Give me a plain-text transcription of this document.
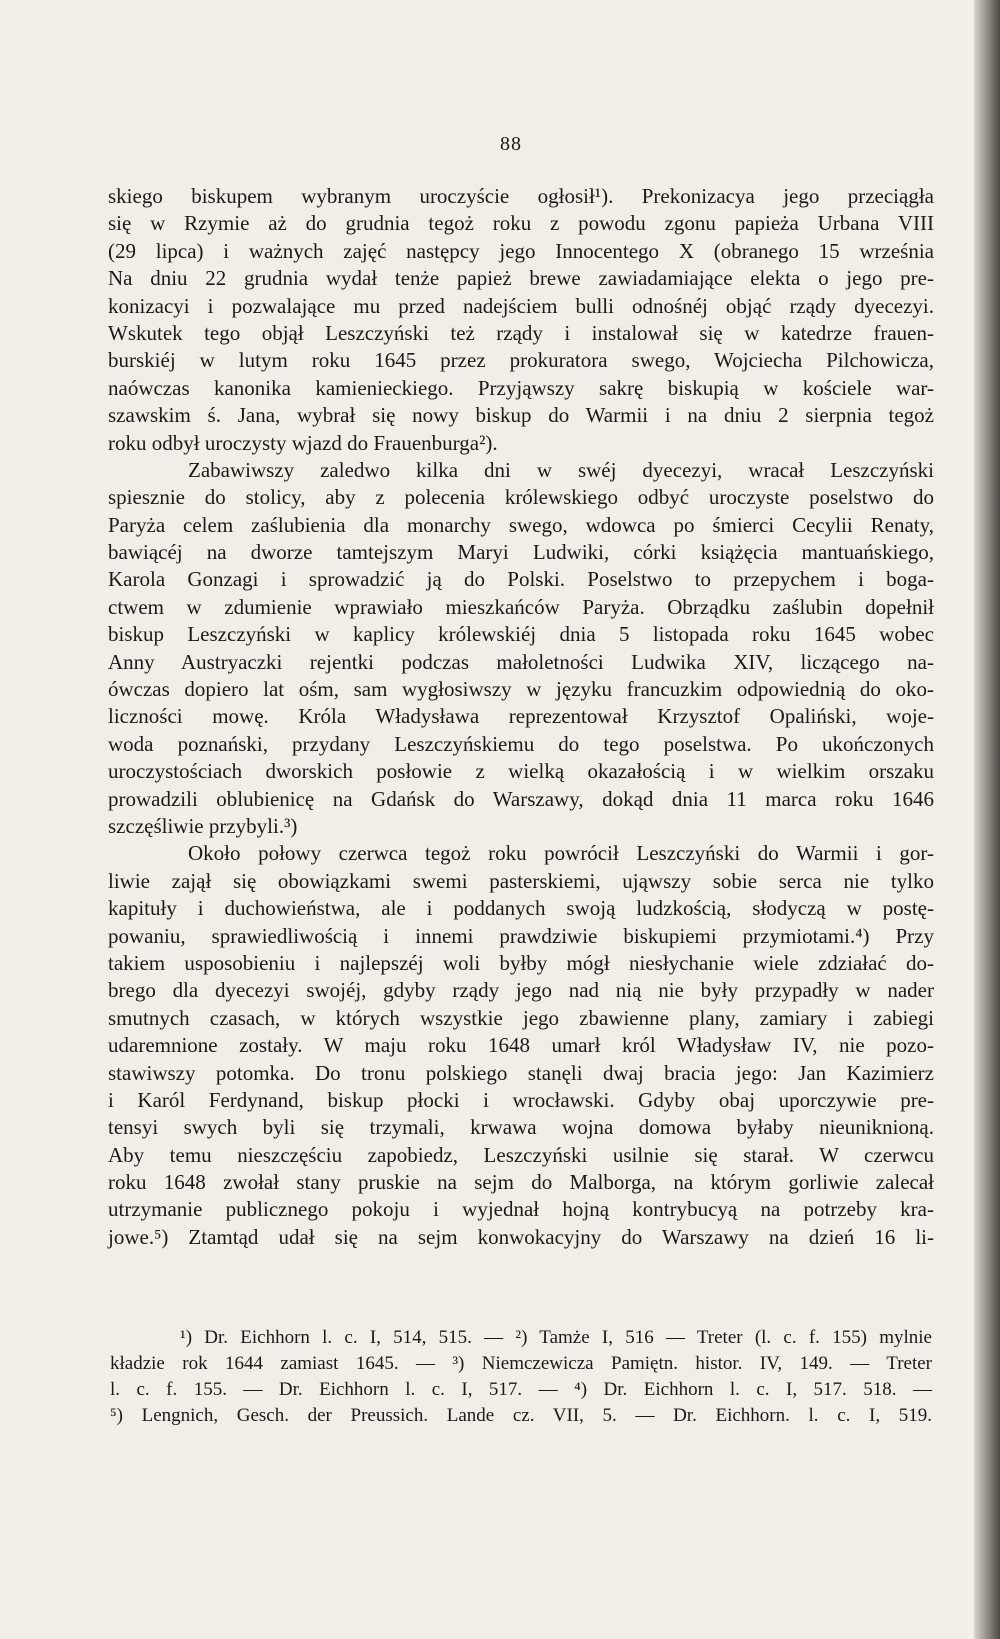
88
skiego biskupem wybranym uroczyście ogłosił¹). Prekonizacya jego przeciągła
się w Rzymie aż do grudnia tegoż roku z powodu zgonu papieża Urbana VIII
(29 lipca) i ważnych zajęć następcy jego Innocentego X (obranego 15 września
Na dniu 22 grudnia wydał tenże papież brewe zawiadamiające elekta o jego pre-
konizacyi i pozwalające mu przed nadejściem bulli odnośnéj objąć rządy dyecezyi.
Wskutek tego objął Leszczyński też rządy i instalował się w katedrze frauen-
burskiéj w lutym roku 1645 przez prokuratora swego, Wojciecha Pilchowicza,
naówczas kanonika kamienieckiego. Przyjąwszy sakrę biskupią w kościele war-
szawskim ś. Jana, wybrał się nowy biskup do Warmii i na dniu 2 sierpnia tegoż
roku odbył uroczysty wjazd do Frauenburga²).
Zabawiwszy zaledwo kilka dni w swéj dyecezyi, wracał Leszczyński
spiesznie do stolicy, aby z polecenia królewskiego odbyć uroczyste poselstwo do
Paryża celem zaślubienia dla monarchy swego, wdowca po śmierci Cecylii Renaty,
bawiącéj na dworze tamtejszym Maryi Ludwiki, córki książęcia mantuańskiego,
Karola Gonzagi i sprowadzić ją do Polski. Poselstwo to przepychem i boga-
ctwem w zdumienie wprawiało mieszkańców Paryża. Obrządku zaślubin dopełnił
biskup Leszczyński w kaplicy królewskiéj dnia 5 listopada roku 1645 wobec
Anny Austryaczki rejentki podczas małoletności Ludwika XIV, liczącego na-
ówczas dopiero lat ośm, sam wygłosiwszy w języku francuzkim odpowiednią do oko-
liczności mowę. Króla Władysława reprezentował Krzysztof Opaliński, woje-
woda poznański, przydany Leszczyńskiemu do tego poselstwa. Po ukończonych
uroczystościach dworskich posłowie z wielką okazałością i w wielkim orszaku
prowadzili oblubienicę na Gdańsk do Warszawy, dokąd dnia 11 marca roku 1646
szczęśliwie przybyli.³)
Około połowy czerwca tegoż roku powrócił Leszczyński do Warmii i gor-
liwie zajął się obowiązkami swemi pasterskiemi, ująwszy sobie serca nie tylko
kapituły i duchowieństwa, ale i poddanych swoją ludzkością, słodyczą w postę-
powaniu, sprawiedliwością i innemi prawdziwie biskupiemi przymiotami.⁴) Przy
takiem usposobieniu i najlepszéj woli byłby mógł niesłychanie wiele zdziałać do-
brego dla dyecezyi swojéj, gdyby rządy jego nad nią nie były przypadły w nader
smutnych czasach, w których wszystkie jego zbawienne plany, zamiary i zabiegi
udaremnione zostały. W maju roku 1648 umarł król Władysław IV, nie pozo-
stawiwszy potomka. Do tronu polskiego stanęli dwaj bracia jego: Jan Kazimierz
i Karól Ferdynand, biskup płocki i wrocławski. Gdyby obaj uporczywie pre-
tensyi swych byli się trzymali, krwawa wojna domowa byłaby nieuniknioną.
Aby temu nieszczęściu zapobiedz, Leszczyński usilnie się starał. W czerwcu
roku 1648 zwołał stany pruskie na sejm do Malborga, na którym gorliwie zalecał
utrzymanie publicznego pokoju i wyjednał hojną kontrybucyą na potrzeby kra-
jowe.⁵) Ztamtąd udał się na sejm konwokacyjny do Warszawy na dzień 16 li-
¹) Dr. Eichhorn l. c. I, 514, 515. — ²) Tamże I, 516 — Treter (l. c. f. 155) mylnie
kładzie rok 1644 zamiast 1645. — ³) Niemczewicza Pamiętn. histor. IV, 149. — Treter
l. c. f. 155. — Dr. Eichhorn l. c. I, 517. — ⁴) Dr. Eichhorn l. c. I, 517. 518. —
⁵) Lengnich, Gesch. der Preussich. Lande cz. VII, 5. — Dr. Eichhorn. l. c. I, 519.
